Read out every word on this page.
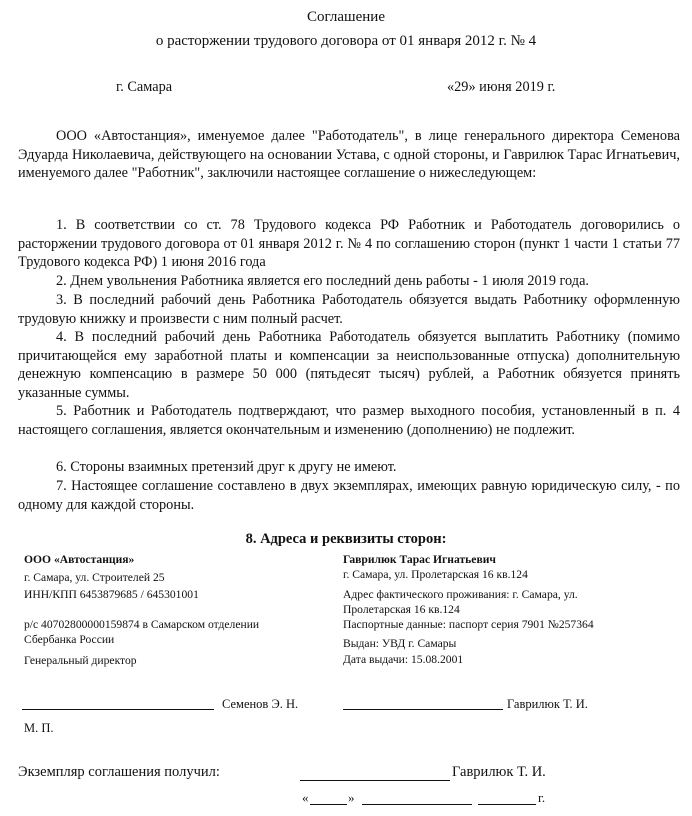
Соглашение
о расторжении трудового договора от 01 января 2012 г. № 4
г. Самара	«29» июня 2019 г.
ООО «Автостанция», именуемое далее "Работодатель", в лице генерального директора Семенова Эдуарда Николаевича, действующего на основании Устава, с одной стороны, и Гаврилюк Тарас Игнатьевич, именуемого далее "Работник", заключили настоящее соглашение о нижеследующем:
1. В соответствии со ст. 78 Трудового кодекса РФ Работник и Работодатель договорились о расторжении трудового договора от 01 января 2012 г. № 4 по соглашению сторон (пункт 1 части 1 статьи 77 Трудового кодекса РФ) 1 июня 2016 года
2. Днем увольнения Работника является его последний день работы - 1 июля 2019 года.
3. В последний рабочий день Работника Работодатель обязуется выдать Работнику оформленную трудовую книжку и произвести с ним полный расчет.
4. В последний рабочий день Работника Работодатель обязуется выплатить Работнику (помимо причитающейся ему заработной платы и компенсации за неиспользованные отпуска) дополнительную денежную компенсацию в размере 50 000 (пятьдесят тысяч) рублей, а Работник обязуется принять указанные суммы.
5. Работник и Работодатель подтверждают, что размер выходного пособия, установленный в п. 4 настоящего соглашения, является окончательным и изменению (дополнению) не подлежит.
6. Стороны взаимных претензий друг к другу не имеют.
7. Настоящее соглашение составлено в двух экземплярах, имеющих равную юридическую силу, - по одному для каждой стороны.
8. Адреса и реквизиты сторон:
ООО «Автостанция»
г. Самара, ул. Строителей 25
ИНН/КПП 6453879685 / 645301001
р/с 40702800000159874 в Самарском отделении
Сбербанка России
Генеральный директор
Гаврилюк Тарас Игнатьевич
г. Самара, ул. Пролетарская 16 кв.124
Адрес фактического проживания: г. Самара, ул.
Пролетарская 16 кв.124
Паспортные данные: паспорт серия 7901 №257364
Выдан: УВД г. Самары
Дата выдачи: 15.08.2001
Семенов Э. Н.	Гаврилюк Т. И.
М. П.
Экземпляр соглашения получил:	Гаврилюк Т. И.
«	»	г.
